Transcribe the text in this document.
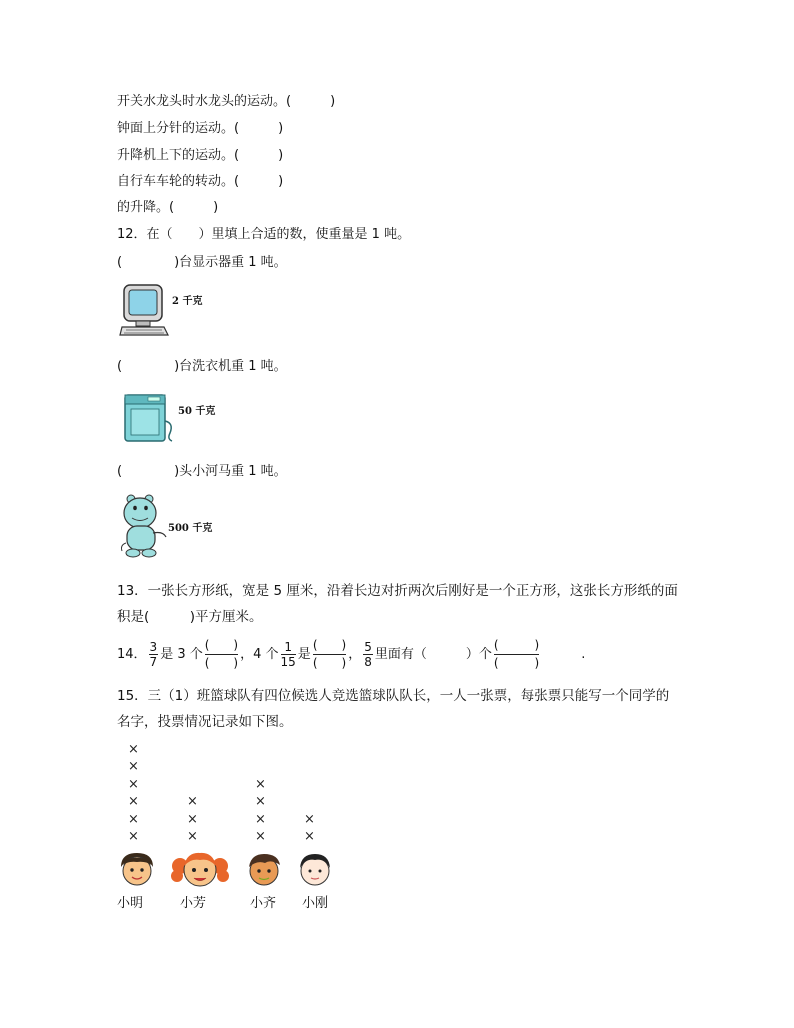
开关水龙头时水龙头的运动。(　　　)
钟面上分针的运动。(　　　)
升降机上下的运动。(　　　)
自行车车轮的转动。(　　　)
的升降。(　　　)
12．在（　　）里填上合适的数，使重量是 1 吨。
(　　　　)台显示器重 1 吨。
2 千克
(　　　　)台洗衣机重 1 吨。
50 千克
(　　　　)头小河马重 1 吨。
500 千克
13．一张长方形纸，宽是 5 厘米，沿着长边对折两次后刚好是一个正方形，这张长方形纸的面
积是(　　　)平方厘米。
14． $\frac{3}{7}$ 是 3 个 $\frac{( )}{( )}$ ，4 个 $\frac{1}{15}$ 是 $\frac{( )}{( )}$ ， $\frac{5}{8}$ 里面有（　　　）个 $\frac{( )}{( )}$	.
15．三（1）班篮球队有四位候选人竞选篮球队队长，一人一张票，每张票只能写一个同学的
名字，投票情况记录如下图。
×
×
×
×
×
×
小明
×
×
×
小芳
×
×
×
×
小齐
×
×
小刚
